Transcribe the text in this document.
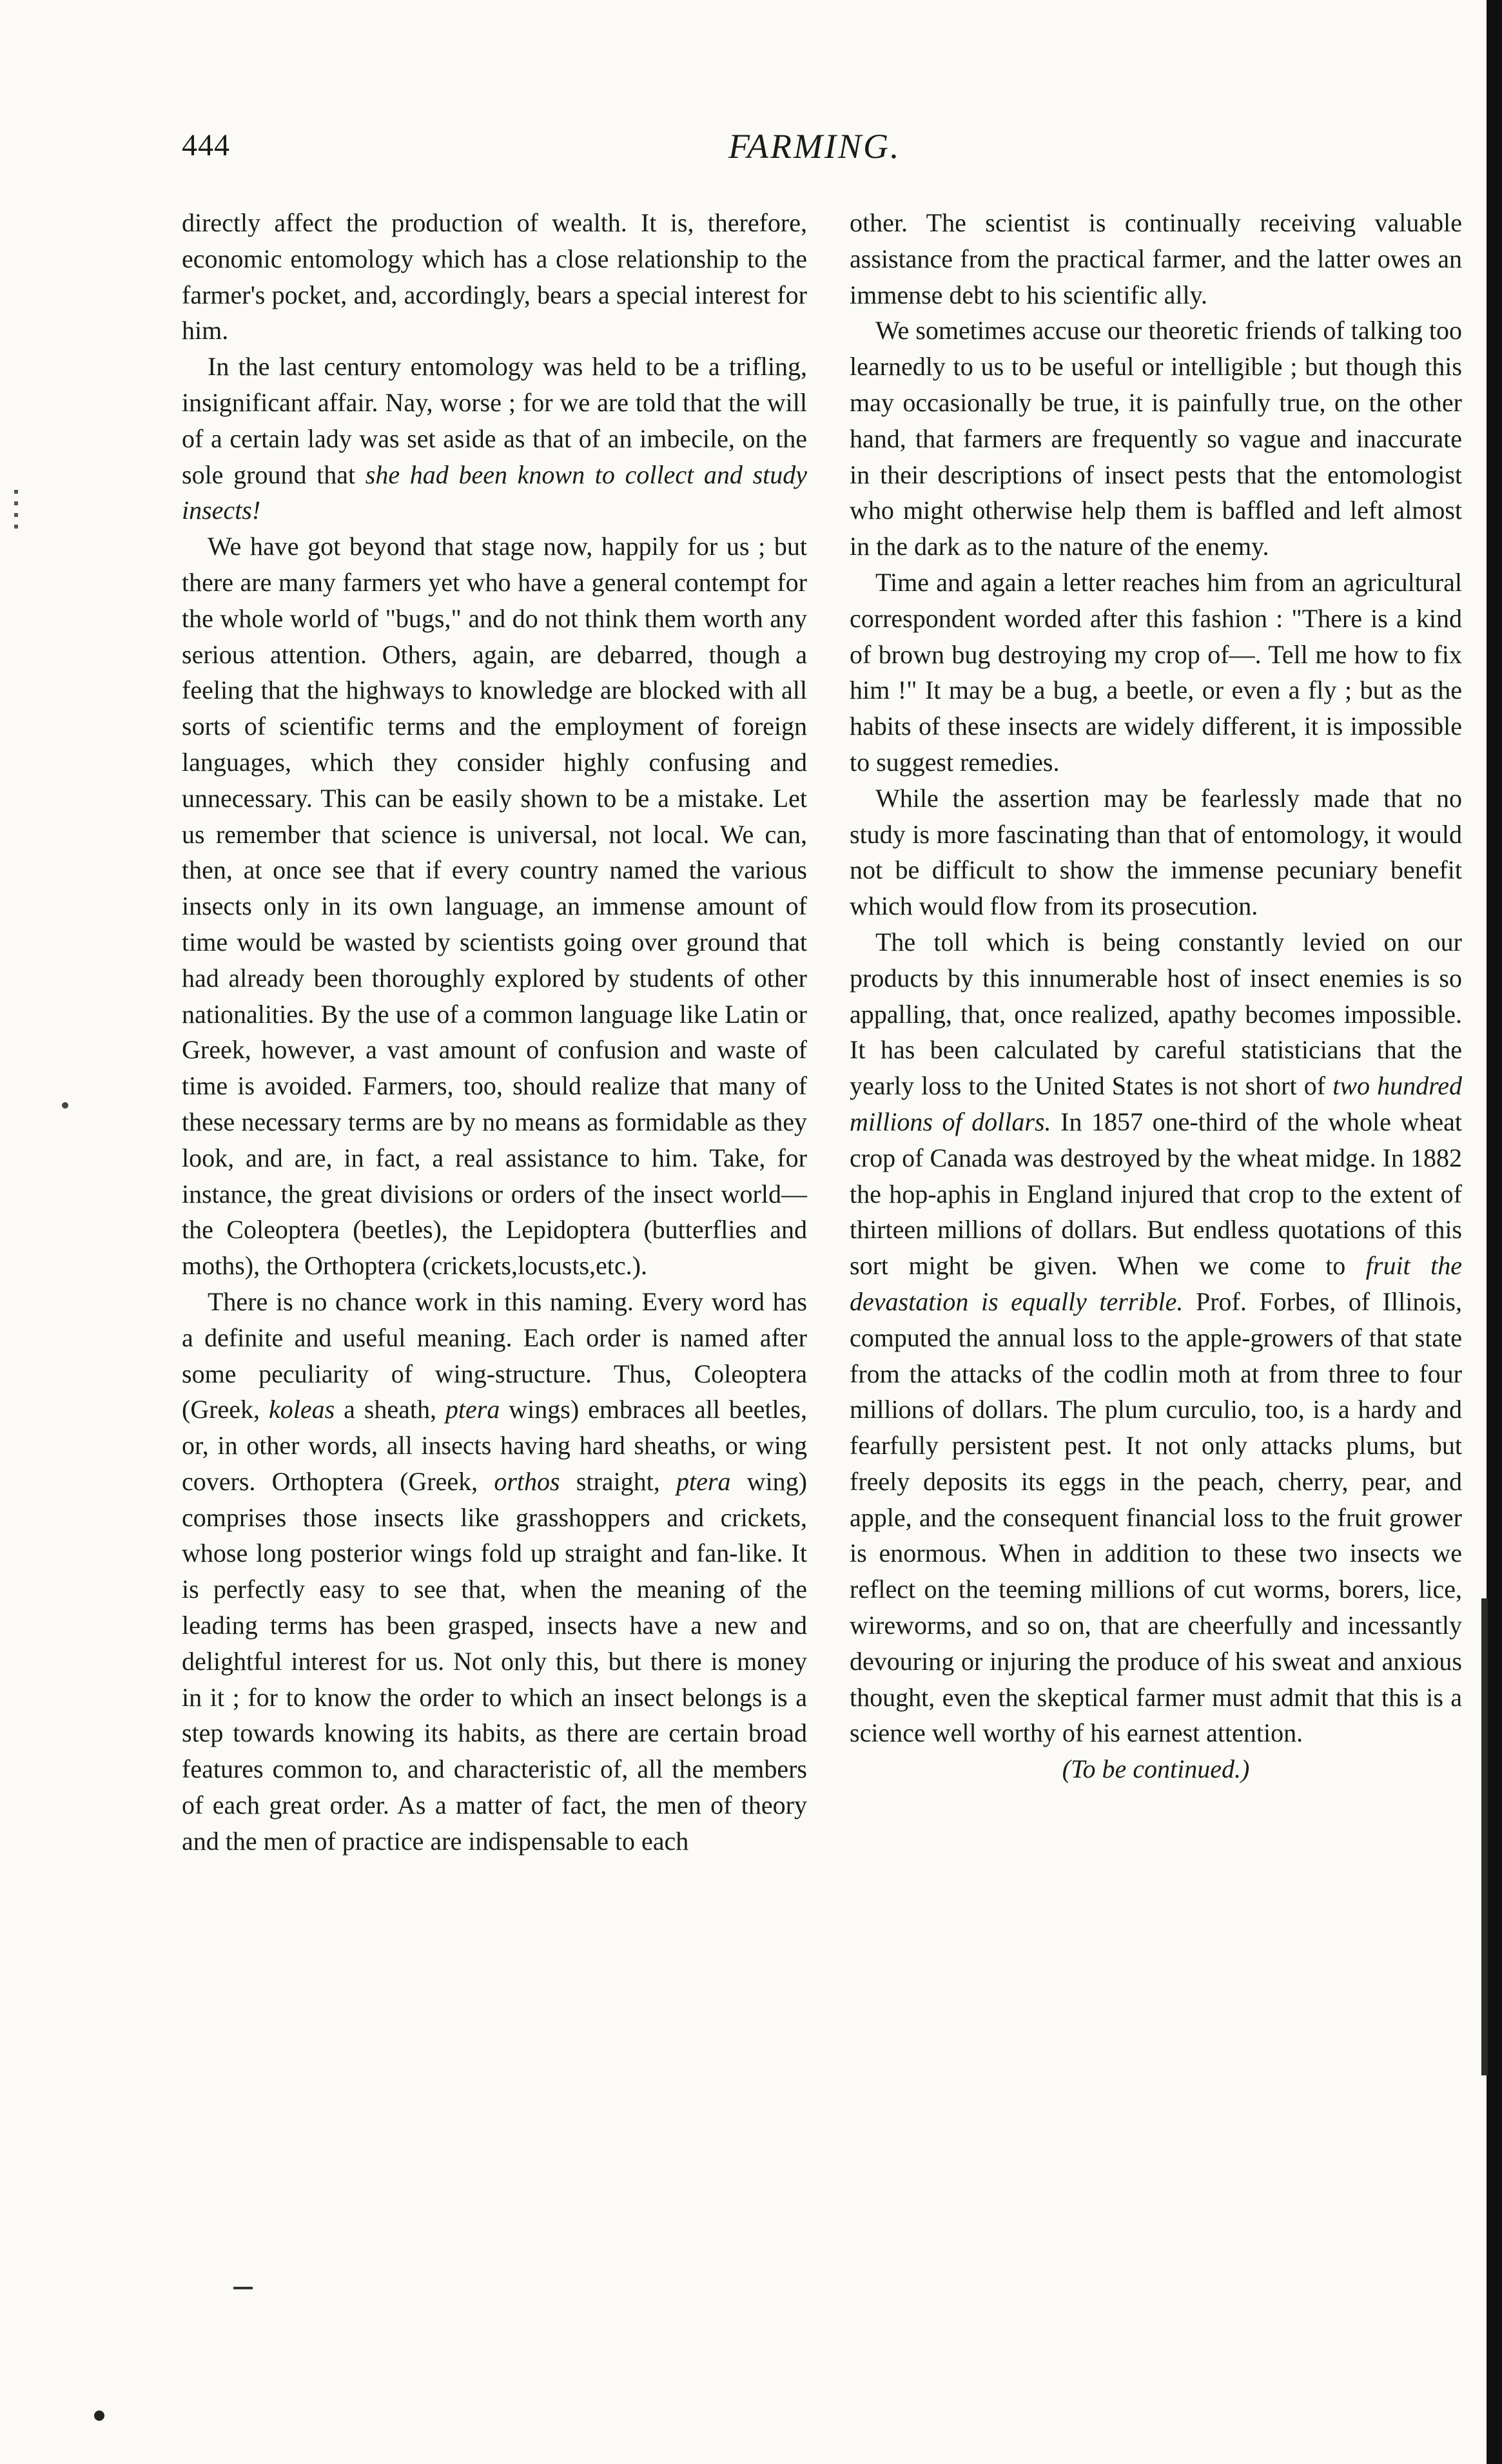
444	FARMING.

directly affect the production of wealth. It is, therefore, economic entomology which has a close relationship to the farmer's pocket, and, accordingly, bears a special interest for him.

In the last century entomology was held to be a trifling, insignificant affair. Nay, worse ; for we are told that the will of a certain lady was set aside as that of an imbecile, on the sole ground that she had been known to collect and study insects!

We have got beyond that stage now, happily for us ; but there are many farmers yet who have a general contempt for the whole world of "bugs," and do not think them worth any serious attention. Others, again, are debarred, though a feeling that the highways to knowledge are blocked with all sorts of scientific terms and the employment of foreign languages, which they consider highly confusing and unnecessary. This can be easily shown to be a mistake. Let us remember that science is universal, not local. We can, then, at once see that if every country named the various insects only in its own language, an immense amount of time would be wasted by scientists going over ground that had already been thoroughly explored by students of other nationalities. By the use of a common language like Latin or Greek, however, a vast amount of confusion and waste of time is avoided. Farmers, too, should realize that many of these necessary terms are by no means as formidable as they look, and are, in fact, a real assistance to him. Take, for instance, the great divisions or orders of the insect world—the Coleoptera (beetles), the Lepidoptera (butterflies and moths), the Orthoptera (crickets,locusts,etc.).

There is no chance work in this naming. Every word has a definite and useful meaning. Each order is named after some peculiarity of wing-structure. Thus, Coleoptera (Greek, koleas a sheath, ptera wings) embraces all beetles, or, in other words, all insects having hard sheaths, or wing covers. Orthoptera (Greek, orthos straight, ptera wing) comprises those insects like grasshoppers and crickets, whose long posterior wings fold up straight and fan-like. It is perfectly easy to see that, when the meaning of the leading terms has been grasped, insects have a new and delightful interest for us. Not only this, but there is money in it ; for to know the order to which an insect belongs is a step towards knowing its habits, as there are certain broad features common to, and characteristic of, all the members of each great order. As a matter of fact, the men of theory and the men of practice are indispensable to each

other. The scientist is continually receiving valuable assistance from the practical farmer, and the latter owes an immense debt to his scientific ally.

We sometimes accuse our theoretic friends of talking too learnedly to us to be useful or intelligible ; but though this may occasionally be true, it is painfully true, on the other hand, that farmers are frequently so vague and inaccurate in their descriptions of insect pests that the entomologist who might otherwise help them is baffled and left almost in the dark as to the nature of the enemy.

Time and again a letter reaches him from an agricultural correspondent worded after this fashion : "There is a kind of brown bug destroying my crop of—. Tell me how to fix him !" It may be a bug, a beetle, or even a fly ; but as the habits of these insects are widely different, it is impossible to suggest remedies.

While the assertion may be fearlessly made that no study is more fascinating than that of entomology, it would not be difficult to show the immense pecuniary benefit which would flow from its prosecution.

The toll which is being constantly levied on our products by this innumerable host of insect enemies is so appalling, that, once realized, apathy becomes impossible. It has been calculated by careful statisticians that the yearly loss to the United States is not short of two hundred millions of dollars. In 1857 one-third of the whole wheat crop of Canada was destroyed by the wheat midge. In 1882 the hop-aphis in England injured that crop to the extent of thirteen millions of dollars. But endless quotations of this sort might be given. When we come to fruit the devastation is equally terrible. Prof. Forbes, of Illinois, computed the annual loss to the apple-growers of that state from the attacks of the codlin moth at from three to four millions of dollars. The plum curculio, too, is a hardy and fearfully persistent pest. It not only attacks plums, but freely deposits its eggs in the peach, cherry, pear, and apple, and the consequent financial loss to the fruit grower is enormous. When in addition to these two insects we reflect on the teeming millions of cut worms, borers, lice, wireworms, and so on, that are cheerfully and incessantly devouring or injuring the produce of his sweat and anxious thought, even the skeptical farmer must admit that this is a science well worthy of his earnest attention.

(To be continued.)
